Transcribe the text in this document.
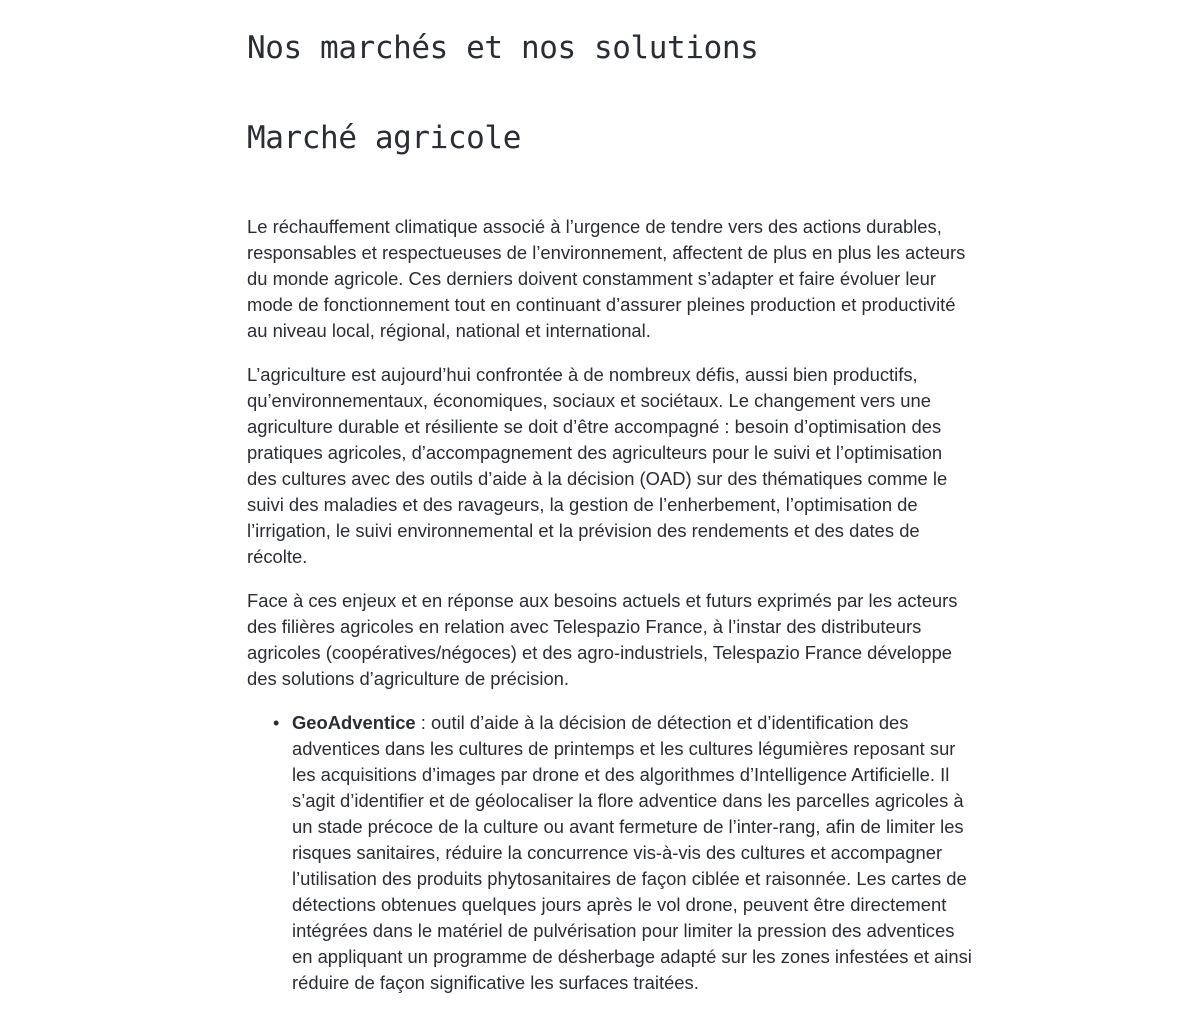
Nos marchés et nos solutions
Marché agricole

Le réchauffement climatique associé à l’urgence de tendre vers des actions durables, responsables et respectueuses de l’environnement, affectent de plus en plus les acteurs du monde agricole. Ces derniers doivent constamment s’adapter et faire évoluer leur mode de fonctionnement tout en continuant d’assurer pleines production et productivité au niveau local, régional, national et international.

L’agriculture est aujourd’hui confrontée à de nombreux défis, aussi bien productifs, qu’environnementaux, économiques, sociaux et sociétaux. Le changement vers une agriculture durable et résiliente se doit d’être accompagné : besoin d’optimisation des pratiques agricoles, d’accompagnement des agriculteurs pour le suivi et l’optimisation des cultures avec des outils d’aide à la décision (OAD) sur des thématiques comme le suivi des maladies et des ravageurs, la gestion de l’enherbement, l’optimisation de l’irrigation, le suivi environnemental et la prévision des rendements et des dates de récolte.

Face à ces enjeux et en réponse aux besoins actuels et futurs exprimés par les acteurs des filières agricoles en relation avec Telespazio France, à l’instar des distributeurs agricoles (coopératives/négoces) et des agro-industriels, Telespazio France développe des solutions d’agriculture de précision.

• GeoAdventice : outil d’aide à la décision de détection et d’identification des adventices dans les cultures de printemps et les cultures légumières reposant sur les acquisitions d’images par drone et des algorithmes d’Intelligence Artificielle. Il s’agit d’identifier et de géolocaliser la flore adventice dans les parcelles agricoles à un stade précoce de la culture ou avant fermeture de l’inter-rang, afin de limiter les risques sanitaires, réduire la concurrence vis-à-vis des cultures et accompagner l’utilisation des produits phytosanitaires de façon ciblée et raisonnée. Les cartes de détections obtenues quelques jours après le vol drone, peuvent être directement intégrées dans le matériel de pulvérisation pour limiter la pression des adventices en appliquant un programme de désherbage adapté sur les zones infestées et ainsi réduire de façon significative les surfaces traitées.
